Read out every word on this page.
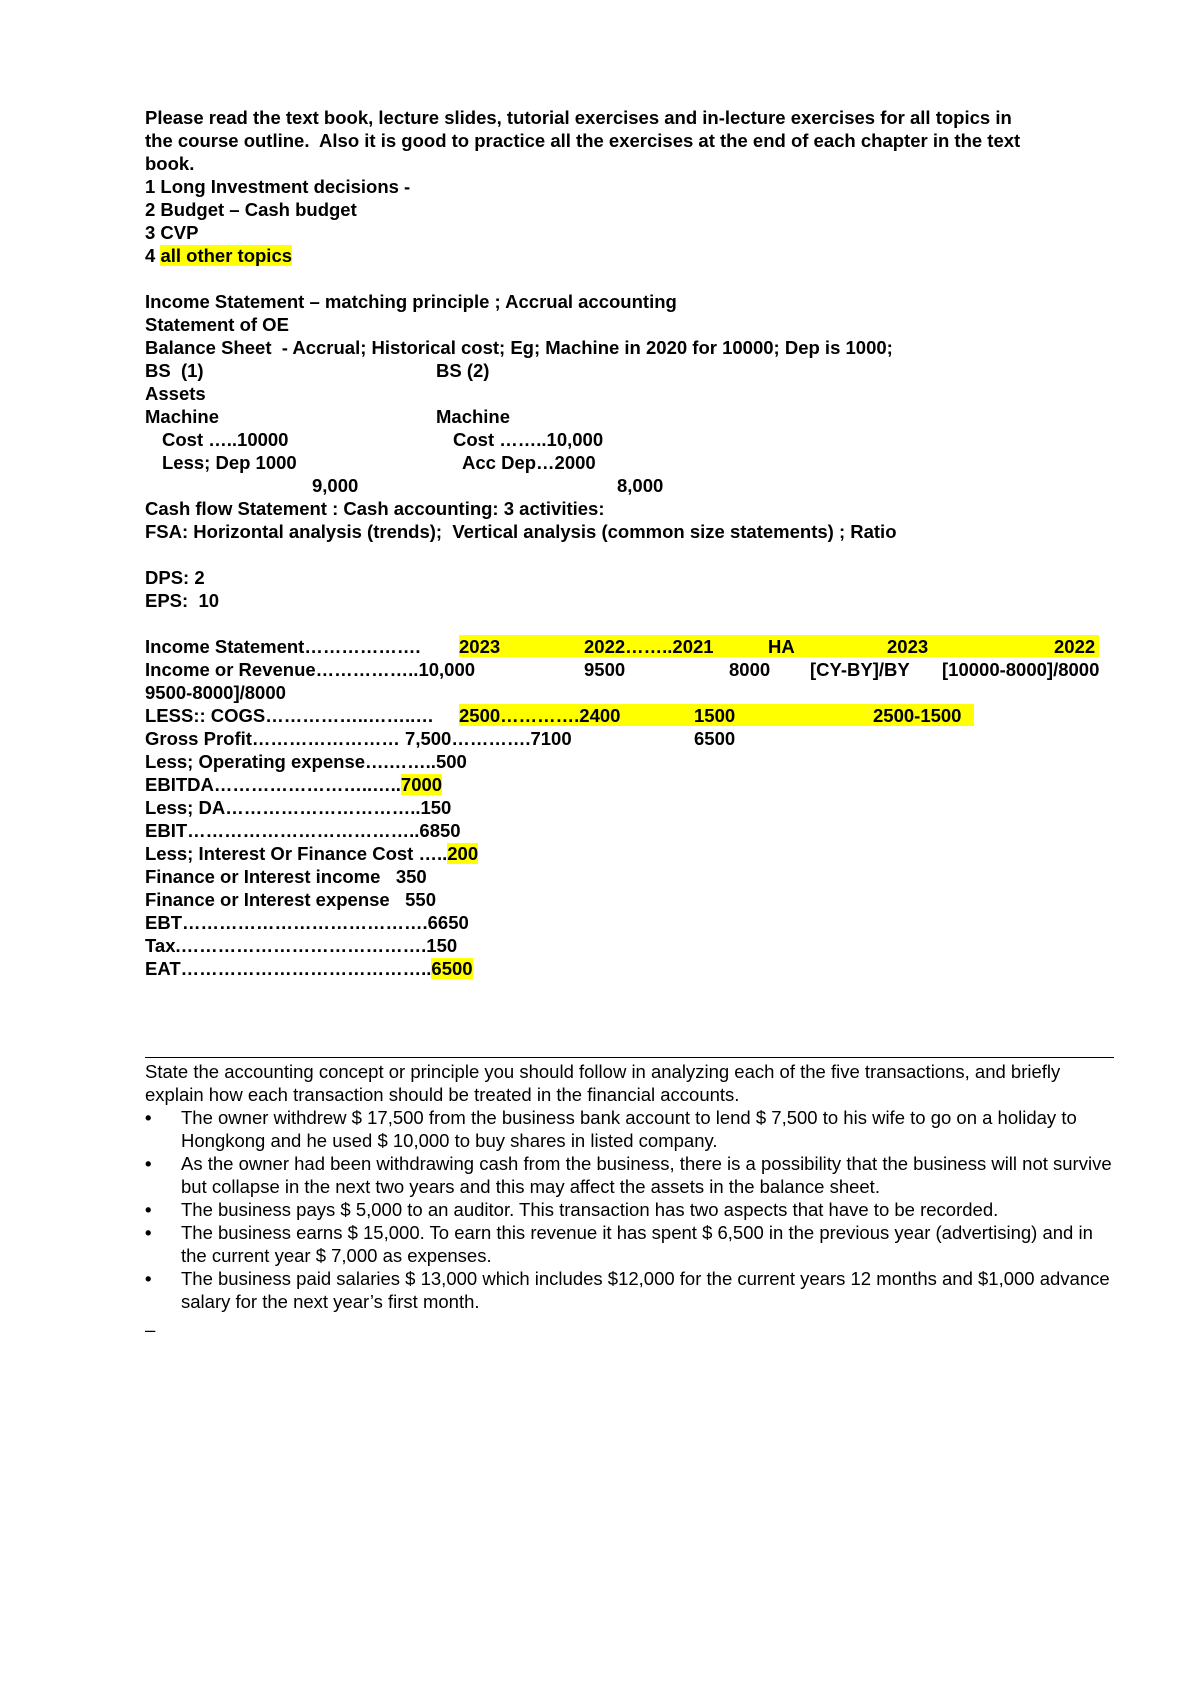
Please read the text book, lecture slides, tutorial exercises and in-lecture exercises for all topics in
the course outline.  Also it is good to practice all the exercises at the end of each chapter in the text
book.
1 Long Investment decisions -
2 Budget – Cash budget
3 CVP
4 all other topics
Income Statement – matching principle ; Accrual accounting
Statement of OE
Balance Sheet  - Accrual; Historical cost; Eg; Machine in 2020 for 10000; Dep is 1000;
BS  (1)	BS (2)
Assets
Machine	Machine
Cost …..10000	Cost ……..10,000
Less; Dep 1000	Acc Dep…2000
9,000	8,000
Cash flow Statement : Cash accounting: 3 activities:
FSA: Horizontal analysis (trends);  Vertical analysis (common size statements) ; Ratio
DPS: 2
EPS:  10
Income Statement………………. 2023	2022……..2021	HA	2023	2022
Income or Revenue……………..10,000	9500	8000 [CY-BY]/BY [10000-8000]/8000
9500-8000]/8000
LESS:: COGS……………..……..… 2500………….2400	1500	2500-1500
Gross Profit…………………… 7,500………….7100	6500
Less; Operating expense….……..500
EBITDA……………………..…..7000
Less; DA…………………………..150
EBIT………………………………..6850
Less; Interest Or Finance Cost …..200
Finance or Interest income   350
Finance or Interest expense   550
EBT………………………………….6650
Tax.………………………………….150
EAT…………………………………..6500
State the accounting concept or principle you should follow in analyzing each of the five transactions, and briefly explain how each transaction should be treated in the financial accounts.
•	The owner withdrew $ 17,500 from the business bank account to lend $ 7,500 to his wife to go on a holiday to Hongkong and he used $ 10,000 to buy shares in listed company.
•	As the owner had been withdrawing cash from the business, there is a possibility that the business will not survive but collapse in the next two years and this may affect the assets in the balance sheet.
•	The business pays $ 5,000 to an auditor. This transaction has two aspects that have to be recorded.
•	The business earns $ 15,000. To earn this revenue it has spent $ 6,500 in the previous year (advertising) and in the current year $ 7,000 as expenses.
•	The business paid salaries $ 13,000 which includes $12,000 for the current years 12 months and $1,000 advance salary for the next year’s first month.
–
